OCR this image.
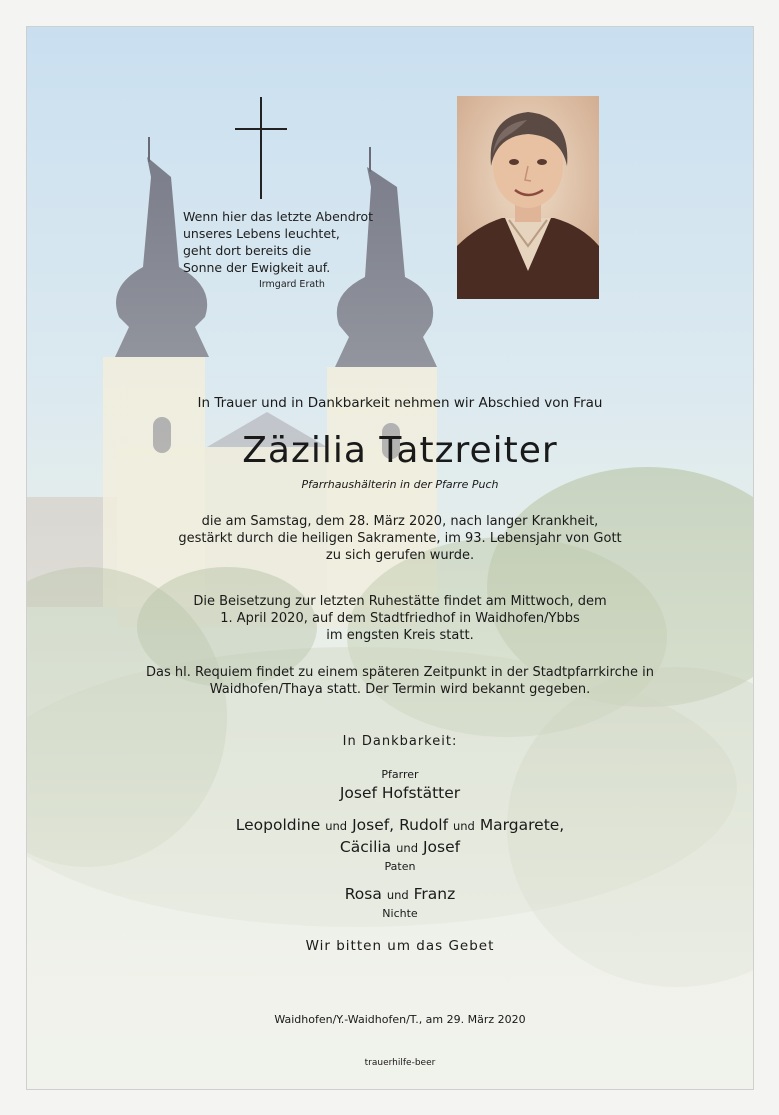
Wenn hier das letzte Abendrot
unseres Lebens leuchtet,
geht dort bereits die
Sonne der Ewigkeit auf.
Irmgard Erath
In Trauer und in Dankbarkeit nehmen wir Abschied von Frau
Zäzilia Tatzreiter
Pfarrhaushälterin in der Pfarre Puch
die am Samstag, dem 28. März 2020, nach langer Krankheit,
gestärkt durch die heiligen Sakramente, im 93. Lebensjahr von Gott
zu sich gerufen wurde.
Die Beisetzung zur letzten Ruhestätte findet am Mittwoch, dem
1. April 2020, auf dem Stadtfriedhof in Waidhofen/Ybbs
im engsten Kreis statt.
Das hl. Requiem findet zu einem späteren Zeitpunkt in der Stadtpfarrkirche in
Waidhofen/Thaya statt. Der Termin wird bekannt gegeben.
In Dankbarkeit:
Pfarrer
Josef Hofstätter
Leopoldine und Josef, Rudolf und Margarete,
Cäcilia und Josef
Paten
Rosa und Franz
Nichte
Wir bitten um das Gebet
Waidhofen/Y.-Waidhofen/T., am 29. März 2020
trauerhilfe-beer
